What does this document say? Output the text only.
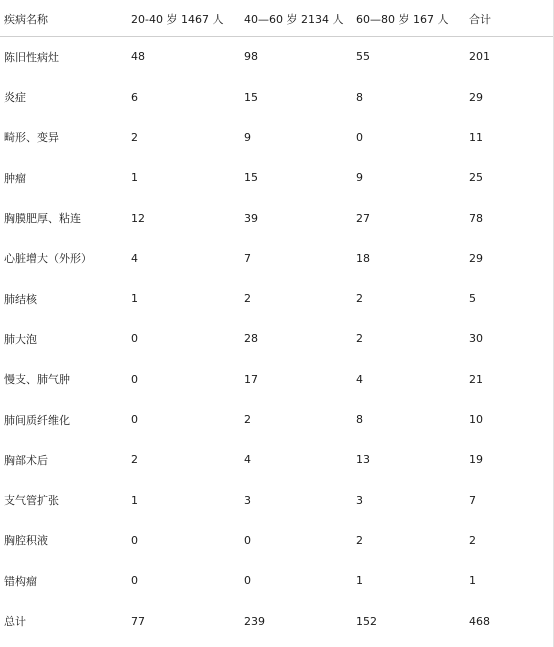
疾病名称	20-40 岁 1467 人	40—60 岁 2134 人	60—80 岁 167 人	合计
陈旧性病灶	48	98	55	201
炎症	6	15	8	29
畸形、变异	2	9	0	11
肿瘤	1	15	9	25
胸膜肥厚、粘连	12	39	27	78
心脏增大（外形）	4	7	18	29
肺结核	1	2	2	5
肺大泡	0	28	2	30
慢支、肺气肿	0	17	4	21
肺间质纤维化	0	2	8	10
胸部术后	2	4	13	19
支气管扩张	1	3	3	7
胸腔积液	0	0	2	2
错构瘤	0	0	1	1
总计	77	239	152	468
